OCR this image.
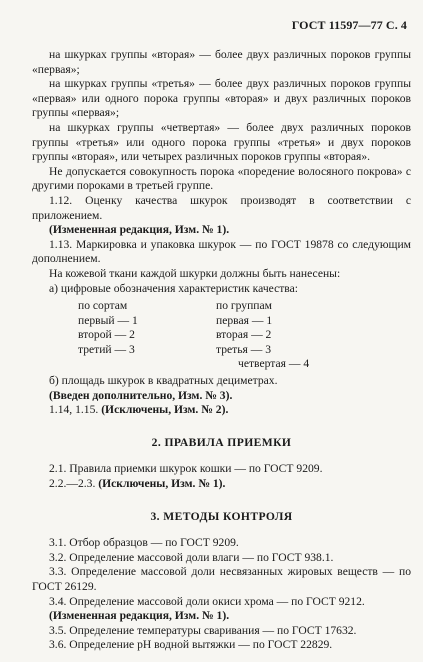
ГОСТ 11597—77 С. 4

на шкурках группы «вторая» — более двух различных пороков группы «первая»;

на шкурках группы «третья» — более двух различных пороков группы «первая» или одного порока группы «вторая» и двух различных пороков группы «первая»;

на шкурках группы «четвертая» — более двух различных пороков группы «третья» или одного порока группы «третья» и двух пороков группы «вторая», или четырех различных пороков группы «вторая».

Не допускается совокупность порока «поредение волосяного покрова» с другими пороками в третьей группе.

1.12. Оценку качества шкурок производят в соответствии с приложением.

(Измененная редакция, Изм. № 1).

1.13. Маркировка и упаковка шкурок — по ГОСТ 19878 со следующим дополнением.

На кожевой ткани каждой шкурки должны быть нанесены:

а) цифровые обозначения характеристик качества:

по сортам
первый — 1
второй — 2
третий — 3
по группам
первая — 1
вторая — 2
третья — 3
четвертая — 4

б) площадь шкурок в квадратных дециметрах.

(Введен дополнительно, Изм. № 3).

1.14, 1.15. (Исключены, Изм. № 2).

2. ПРАВИЛА ПРИЕМКИ

2.1. Правила приемки шкурок кошки — по ГОСТ 9209.

2.2.—2.3. (Исключены, Изм. № 1).

3. МЕТОДЫ КОНТРОЛЯ

3.1. Отбор образцов — по ГОСТ 9209.

3.2. Определение массовой доли влаги — по ГОСТ 938.1.

3.3. Определение массовой доли несвязанных жировых веществ — по ГОСТ 26129.

3.4. Определение массовой доли окиси хрома — по ГОСТ 9212.

(Измененная редакция, Изм. № 1).

3.5. Определение температуры сваривания — по ГОСТ 17632.

3.6. Определение pH водной вытяжки — по ГОСТ 22829.
